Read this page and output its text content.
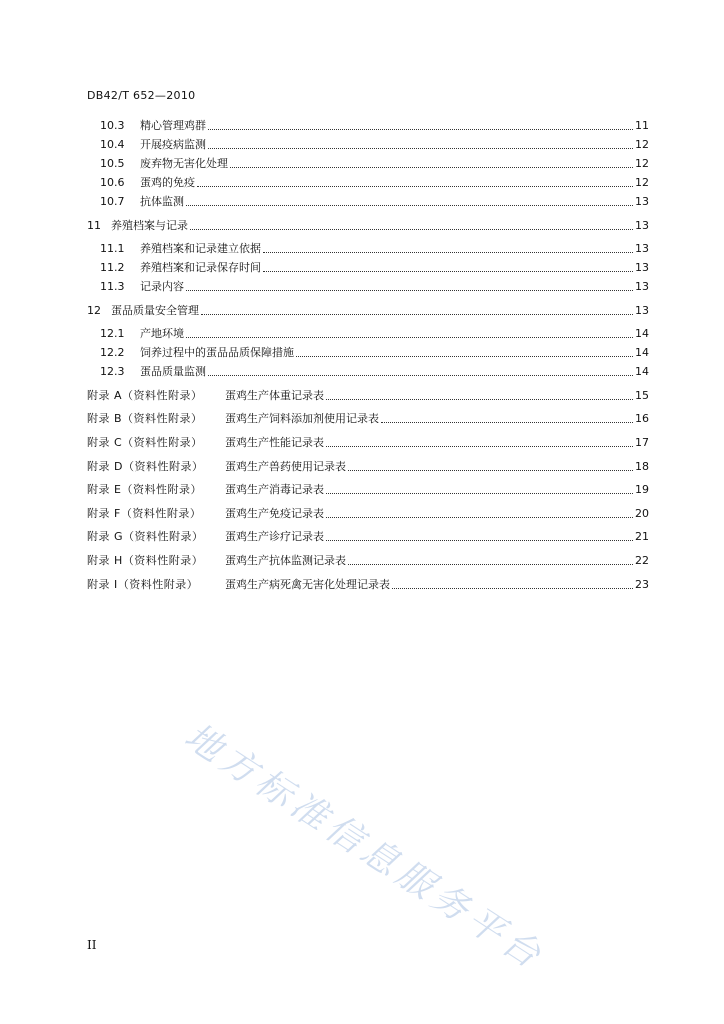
DB42/T 652—2010
10.3	精心管理鸡群	11
10.4	开展疫病监测	12
10.5	废弃物无害化处理	12
10.6	蛋鸡的免疫	12
10.7	抗体监测	13
11 养殖档案与记录	13
11.1	养殖档案和记录建立依据	13
11.2	养殖档案和记录保存时间	13
11.3	记录内容	13
12 蛋品质量安全管理	13
12.1	产地环境	14
12.2	饲养过程中的蛋品品质保障措施	14
12.3	蛋品质量监测	14
附录 A（资料性附录）	蛋鸡生产体重记录表	15
附录 B（资料性附录）	蛋鸡生产饲料添加剂使用记录表	16
附录 C（资料性附录）	蛋鸡生产性能记录表	17
附录 D（资料性附录）	蛋鸡生产兽药使用记录表	18
附录 E（资料性附录）	蛋鸡生产消毒记录表	19
附录 F（资料性附录）	蛋鸡生产免疫记录表	20
附录 G（资料性附录）	蛋鸡生产诊疗记录表	21
附录 H（资料性附录）	蛋鸡生产抗体监测记录表	22
附录 I（资料性附录）	蛋鸡生产病死禽无害化处理记录表	23
地方标准信息服务平台
II
